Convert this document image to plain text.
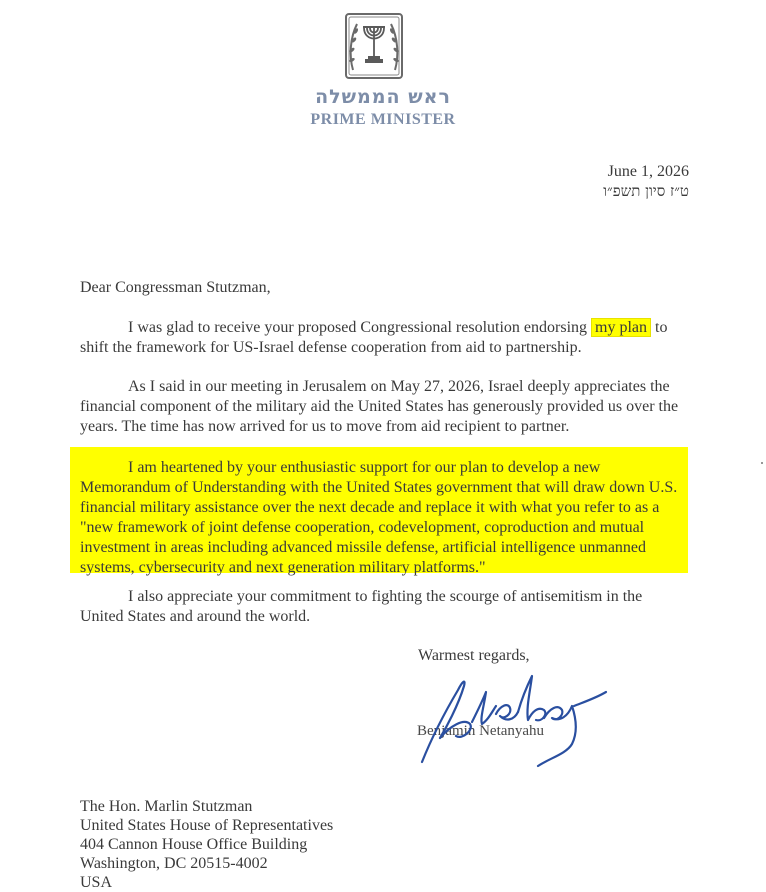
ראש הממשלה
PRIME MINISTER
June 1, 2026
ט״ז סיון תשפ״ו
Dear Congressman Stutzman,

I was glad to receive your proposed Congressional resolution endorsing my plan to shift the framework for US-Israel defense cooperation from aid to partnership.

As I said in our meeting in Jerusalem on May 27, 2026, Israel deeply appreciates the financial component of the military aid the United States has generously provided us over the years. The time has now arrived for us to move from aid recipient to partner.

I am heartened by your enthusiastic support for our plan to develop a new Memorandum of Understanding with the United States government that will draw down U.S. financial military assistance over the next decade and replace it with what you refer to as a "new framework of joint defense cooperation, codevelopment, coproduction and mutual investment in areas including advanced missile defense, artificial intelligence unmanned systems, cybersecurity and next generation military platforms."

I also appreciate your commitment to fighting the scourge of antisemitism in the United States and around the world.

Warmest regards,
Benjamin Netanyahu
The Hon. Marlin Stutzman
United States House of Representatives
404 Cannon House Office Building
Washington, DC 20515-4002
USA
